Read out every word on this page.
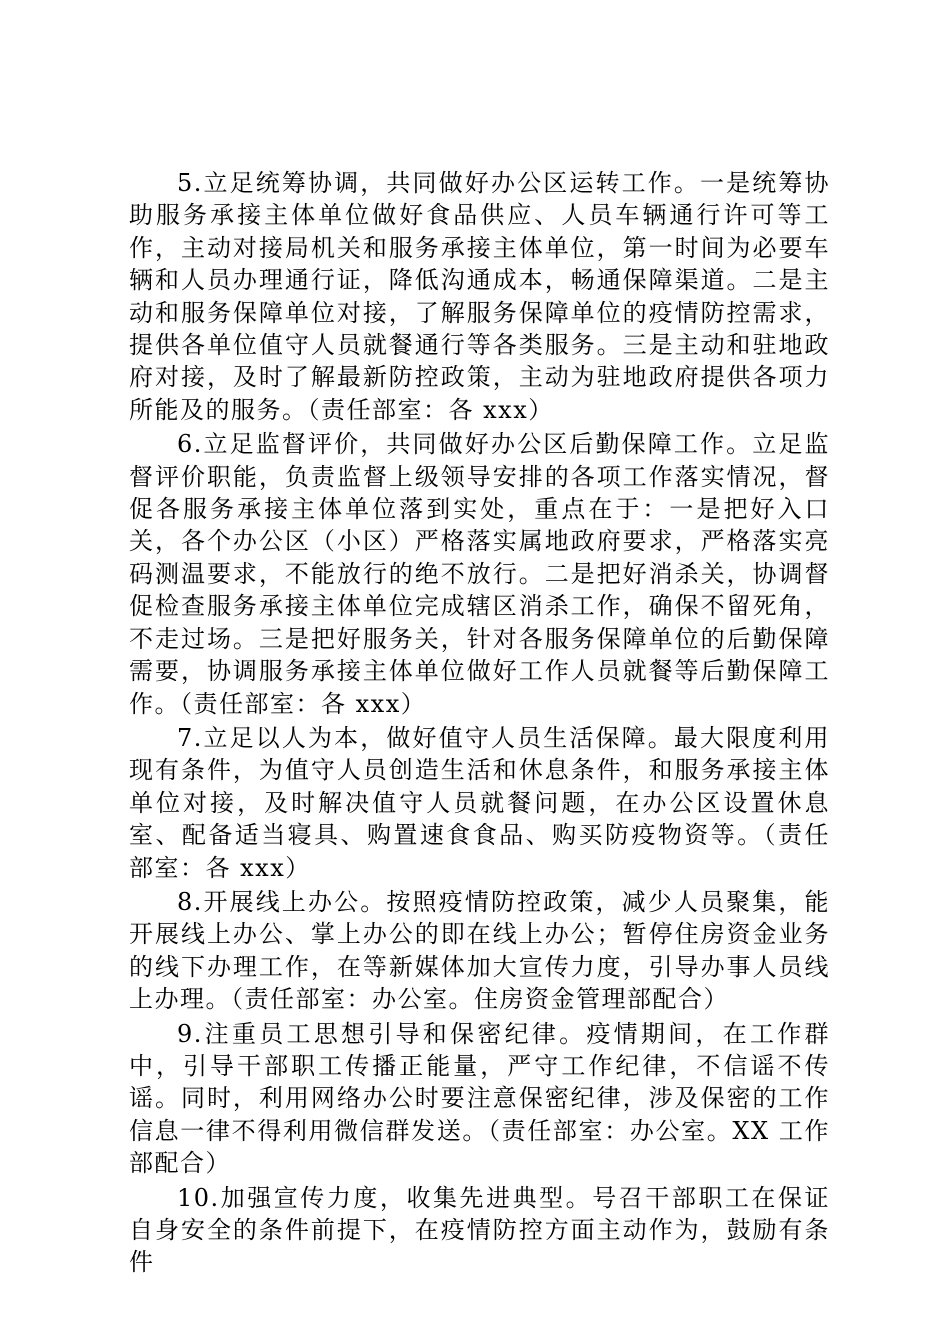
5.立足统筹协调，共同做好办公区运转工作。一是统筹协助服务承接主体单位做好食品供应、人员车辆通行许可等工作，主动对接局机关和服务承接主体单位，第一时间为必要车辆和人员办理通行证，降低沟通成本，畅通保障渠道。二是主动和服务保障单位对接，了解服务保障单位的疫情防控需求，提供各单位值守人员就餐通行等各类服务。三是主动和驻地政府对接，及时了解最新防控政策，主动为驻地政府提供各项力所能及的服务。（责任部室：各 xxx）

6.立足监督评价，共同做好办公区后勤保障工作。立足监督评价职能，负责监督上级领导安排的各项工作落实情况，督促各服务承接主体单位落到实处，重点在于：一是把好入口关，各个办公区（小区）严格落实属地政府要求，严格落实亮码测温要求，不能放行的绝不放行。二是把好消杀关，协调督促检查服务承接主体单位完成辖区消杀工作，确保不留死角，不走过场。三是把好服务关，针对各服务保障单位的后勤保障需要，协调服务承接主体单位做好工作人员就餐等后勤保障工作。（责任部室：各 xxx）

7.立足以人为本，做好值守人员生活保障。最大限度利用现有条件，为值守人员创造生活和休息条件，和服务承接主体单位对接，及时解决值守人员就餐问题，在办公区设置休息室、配备适当寝具、购置速食食品、购买防疫物资等。（责任部室：各 xxx）

8.开展线上办公。按照疫情防控政策，减少人员聚集，能开展线上办公、掌上办公的即在线上办公；暂停住房资金业务的线下办理工作，在等新媒体加大宣传力度，引导办事人员线上办理。（责任部室：办公室。住房资金管理部配合）

9.注重员工思想引导和保密纪律。疫情期间，在工作群中，引导干部职工传播正能量，严守工作纪律，不信谣不传谣。同时，利用网络办公时要注意保密纪律，涉及保密的工作信息一律不得利用微信群发送。（责任部室：办公室。XX 工作部配合）

10.加强宣传力度，收集先进典型。号召干部职工在保证自身安全的条件前提下，在疫情防控方面主动作为，鼓励有条件
